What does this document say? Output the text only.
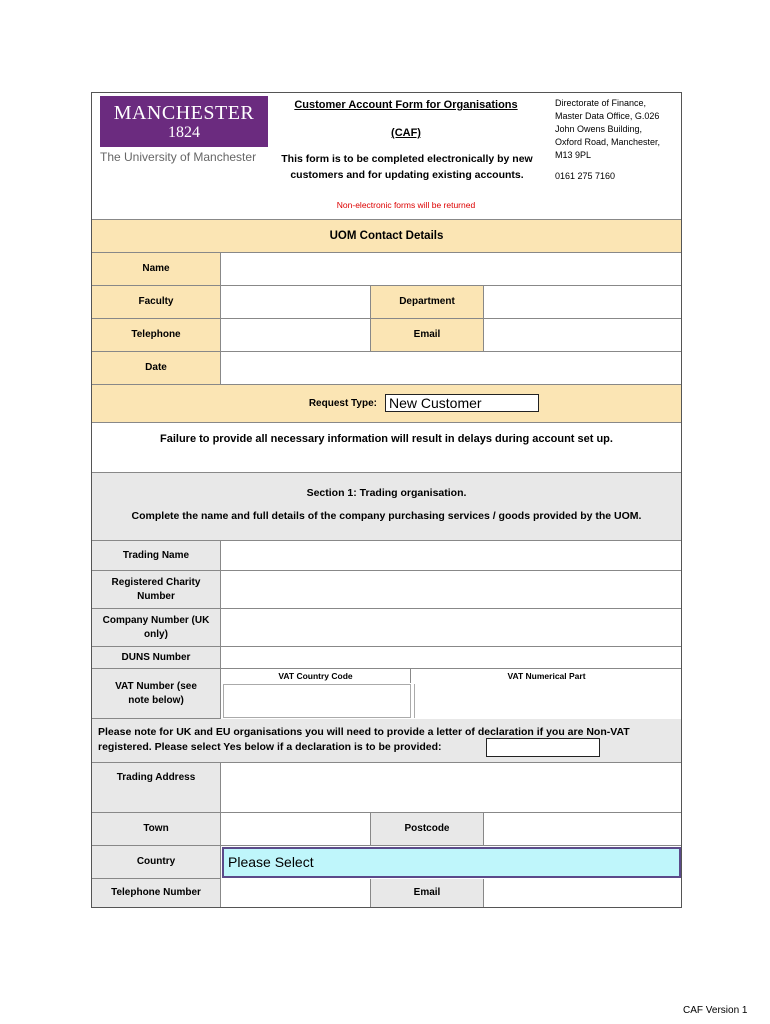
MANCHESTER
1824
The University of Manchester
Customer Account Form for Organisations
(CAF)
This form is to be completed electronically by new customers and for updating existing accounts.
Non-electronic forms will be returned
Directorate of Finance,
Master Data Office, G.026
John Owens Building,
Oxford Road, Manchester,
M13 9PL
0161 275 7160
UOM Contact Details
Name
Faculty	Department
Telephone	Email
Date
Request Type: New Customer
Failure to provide all necessary information will result in delays during account set up.
Section 1: Trading organisation.
Complete the name and full details of the company purchasing services / goods provided by the UOM.
Trading Name
Registered Charity Number
Company Number (UK only)
DUNS Number
VAT Number (see note below)
VAT Country Code	VAT Numerical Part
Please note for UK and EU organisations you will need to provide a letter of declaration if you are Non-VAT registered. Please select Yes below if a declaration is to be provided:
Trading Address
Town	Postcode
Country	Please Select
Telephone Number	Email
CAF Version 1
